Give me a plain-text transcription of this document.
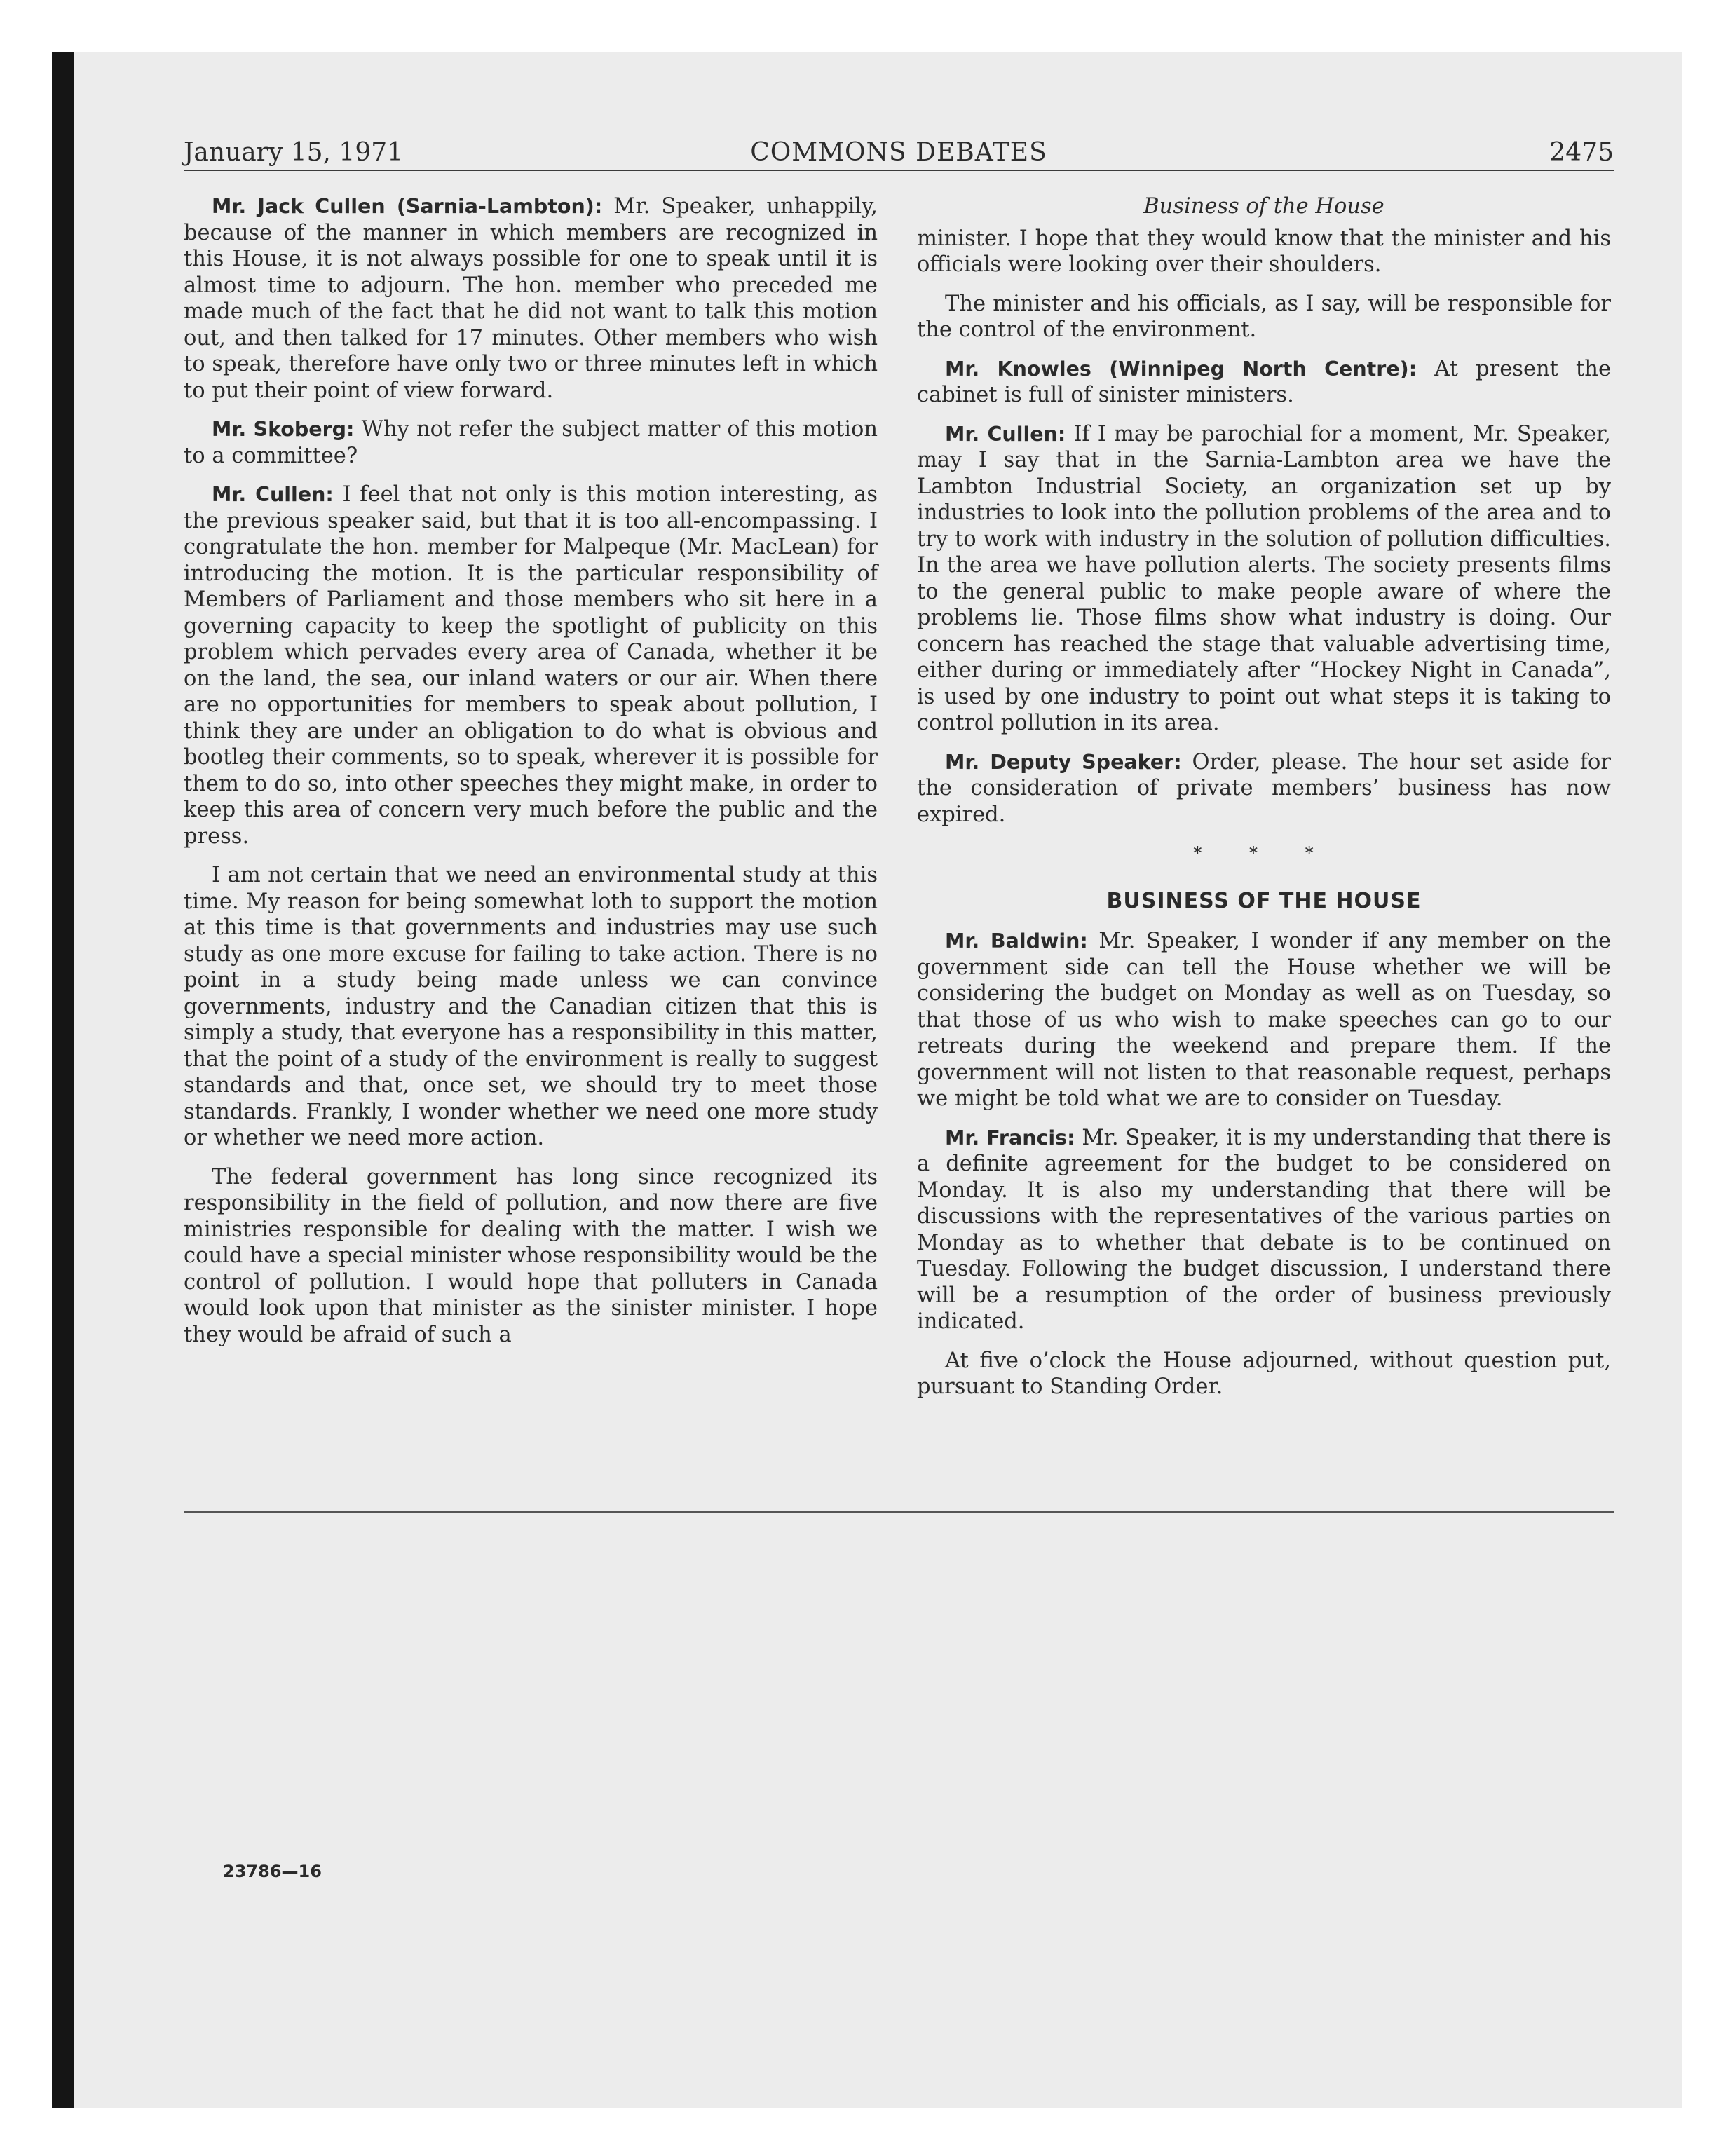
January 15, 1971	COMMONS DEBATES	2475

Mr. Jack Cullen (Sarnia-Lambton): Mr. Speaker, unhappily, because of the manner in which members are recognized in this House, it is not always possible for one to speak until it is almost time to adjourn. The hon. member who preceded me made much of the fact that he did not want to talk this motion out, and then talked for 17 minutes. Other members who wish to speak, therefore have only two or three minutes left in which to put their point of view forward.

Mr. Skoberg: Why not refer the subject matter of this motion to a committee?

Mr. Cullen: I feel that not only is this motion interesting, as the previous speaker said, but that it is too all-encompassing. I congratulate the hon. member for Malpeque (Mr. MacLean) for introducing the motion. It is the particular responsibility of Members of Parliament and those members who sit here in a governing capacity to keep the spotlight of publicity on this problem which pervades every area of Canada, whether it be on the land, the sea, our inland waters or our air. When there are no opportunities for members to speak about pollution, I think they are under an obligation to do what is obvious and bootleg their comments, so to speak, wherever it is possible for them to do so, into other speeches they might make, in order to keep this area of concern very much before the public and the press.

I am not certain that we need an environmental study at this time. My reason for being somewhat loth to support the motion at this time is that governments and industries may use such study as one more excuse for failing to take action. There is no point in a study being made unless we can convince governments, industry and the Canadian citizen that this is simply a study, that everyone has a responsibility in this matter, that the point of a study of the environment is really to suggest standards and that, once set, we should try to meet those standards. Frankly, I wonder whether we need one more study or whether we need more action.

The federal government has long since recognized its responsibility in the field of pollution, and now there are five ministries responsible for dealing with the matter. I wish we could have a special minister whose responsibility would be the control of pollution. I would hope that polluters in Canada would look upon that minister as the sinister minister. I hope they would be afraid of such a

Business of the House

minister. I hope that they would know that the minister and his officials were looking over their shoulders.

The minister and his officials, as I say, will be responsible for the control of the environment.

Mr. Knowles (Winnipeg North Centre): At present the cabinet is full of sinister ministers.

Mr. Cullen: If I may be parochial for a moment, Mr. Speaker, may I say that in the Sarnia-Lambton area we have the Lambton Industrial Society, an organization set up by industries to look into the pollution problems of the area and to try to work with industry in the solution of pollution difficulties. In the area we have pollution alerts. The society presents films to the general public to make people aware of where the problems lie. Those films show what industry is doing. Our concern has reached the stage that valuable advertising time, either during or immediately after “Hockey Night in Canada”, is used by one industry to point out what steps it is taking to control pollution in its area.

Mr. Deputy Speaker: Order, please. The hour set aside for the consideration of private members’ business has now expired.

* * *
BUSINESS OF THE HOUSE

Mr. Baldwin: Mr. Speaker, I wonder if any member on the government side can tell the House whether we will be considering the budget on Monday as well as on Tuesday, so that those of us who wish to make speeches can go to our retreats during the weekend and prepare them. If the government will not listen to that reasonable request, perhaps we might be told what we are to consider on Tuesday.

Mr. Francis: Mr. Speaker, it is my understanding that there is a definite agreement for the budget to be considered on Monday. It is also my understanding that there will be discussions with the representatives of the various parties on Monday as to whether that debate is to be continued on Tuesday. Following the budget discussion, I understand there will be a resumption of the order of business previously indicated.

At five o’clock the House adjourned, without question put, pursuant to Standing Order.

23786—16
